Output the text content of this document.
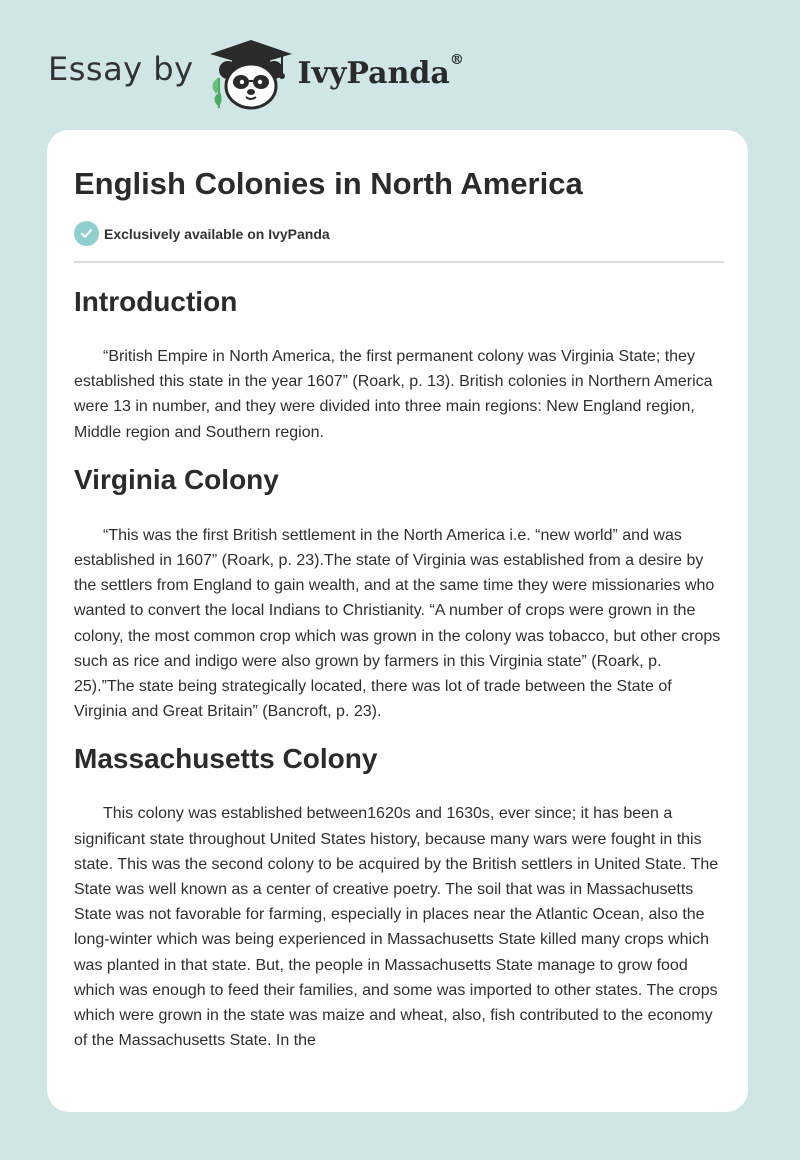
Essay by	IvyPanda®
English Colonies in North America
Exclusively available on IvyPanda
Introduction

“British Empire in North America, the first permanent colony was Virginia State; they established this state in the year 1607” (Roark, p. 13). British colonies in Northern America were 13 in number, and they were divided into three main regions: New England region, Middle region and Southern region.

Virginia Colony

“This was the first British settlement in the North America i.e. “new world” and was established in 1607” (Roark, p. 23).The state of Virginia was established from a desire by the settlers from England to gain wealth, and at the same time they were missionaries who wanted to convert the local Indians to Christianity. “A number of crops were grown in the colony, the most common crop which was grown in the colony was tobacco, but other crops such as rice and indigo were also grown by farmers in this Virginia state” (Roark, p. 25).”The state being strategically located, there was lot of trade between the State of Virginia and Great Britain” (Bancroft, p. 23).

Massachusetts Colony

This colony was established between1620s and 1630s, ever since; it has been a significant state throughout United States history, because many wars were fought in this state. This was the second colony to be acquired by the British settlers in United State. The State was well known as a center of creative poetry. The soil that was in Massachusetts State was not favorable for farming, especially in places near the Atlantic Ocean, also the long-winter which was being experienced in Massachusetts State killed many crops which was planted in that state. But, the people in Massachusetts State manage to grow food which was enough to feed their families, and some was imported to other states. The crops which were grown in the state was maize and wheat, also, fish contributed to the economy of the Massachusetts State. In the
